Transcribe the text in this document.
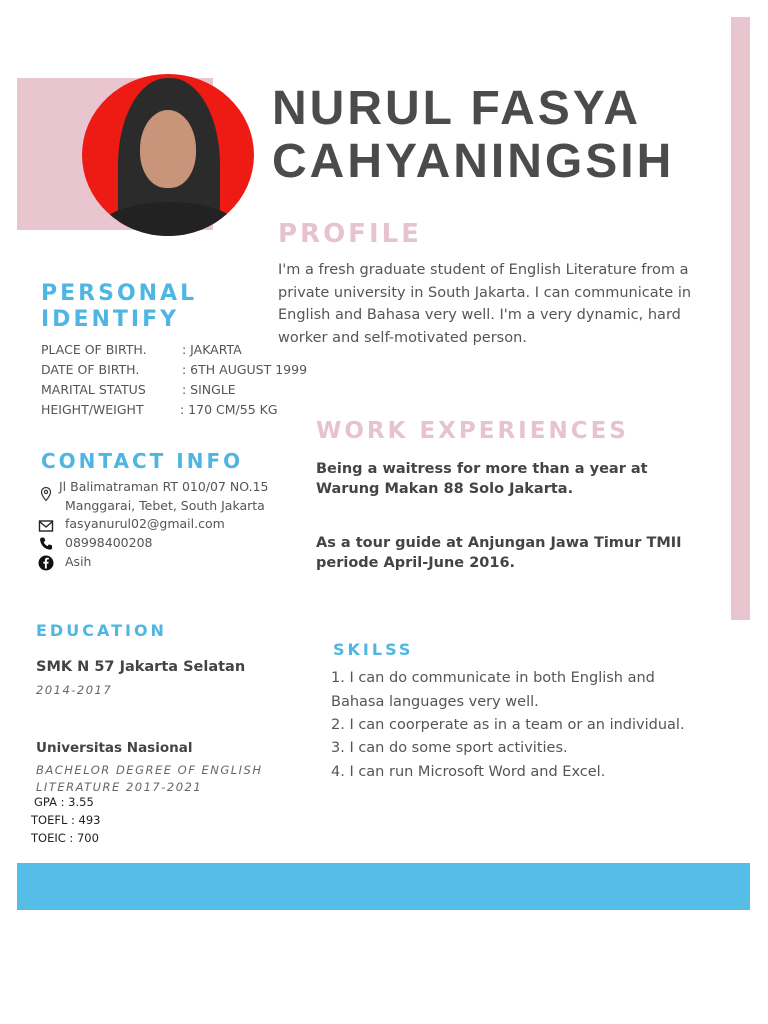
NURUL FASYA
CAHYANINGSIH
PROFILE
I'm a fresh graduate student of English Literature from a private university in South Jakarta. I can communicate in English and Bahasa very well. I'm a very dynamic, hard worker and self-motivated person.
PERSONAL
IDENTIFY
PLACE OF BIRTH.	: JAKARTA
DATE OF BIRTH.	: 6TH AUGUST 1999
MARITAL STATUS	: SINGLE
HEIGHT/WEIGHT	: 170 CM/55 KG
CONTACT INFO
Jl Balimatraman RT 010/07 NO.15
Manggarai, Tebet, South Jakarta
fasyanurul02@gmail.com
08998400208
Asih
WORK EXPERIENCES
Being a waitress for more than a year at Warung Makan 88 Solo Jakarta.
As a tour guide at Anjungan Jawa Timur TMII periode April-June 2016.
EDUCATION
SMK N 57 Jakarta Selatan
2014-2017
Universitas Nasional
BACHELOR DEGREE OF ENGLISH
LITERATURE 2017-2021
GPA : 3.55
TOEFL : 493
TOEIC : 700
SKILSS
1. I can do communicate in both English and Bahasa languages very well.
2. I can coorperate as in a team or an individual.
3. I can do some sport activities.
4. I can run Microsoft Word and Excel.
